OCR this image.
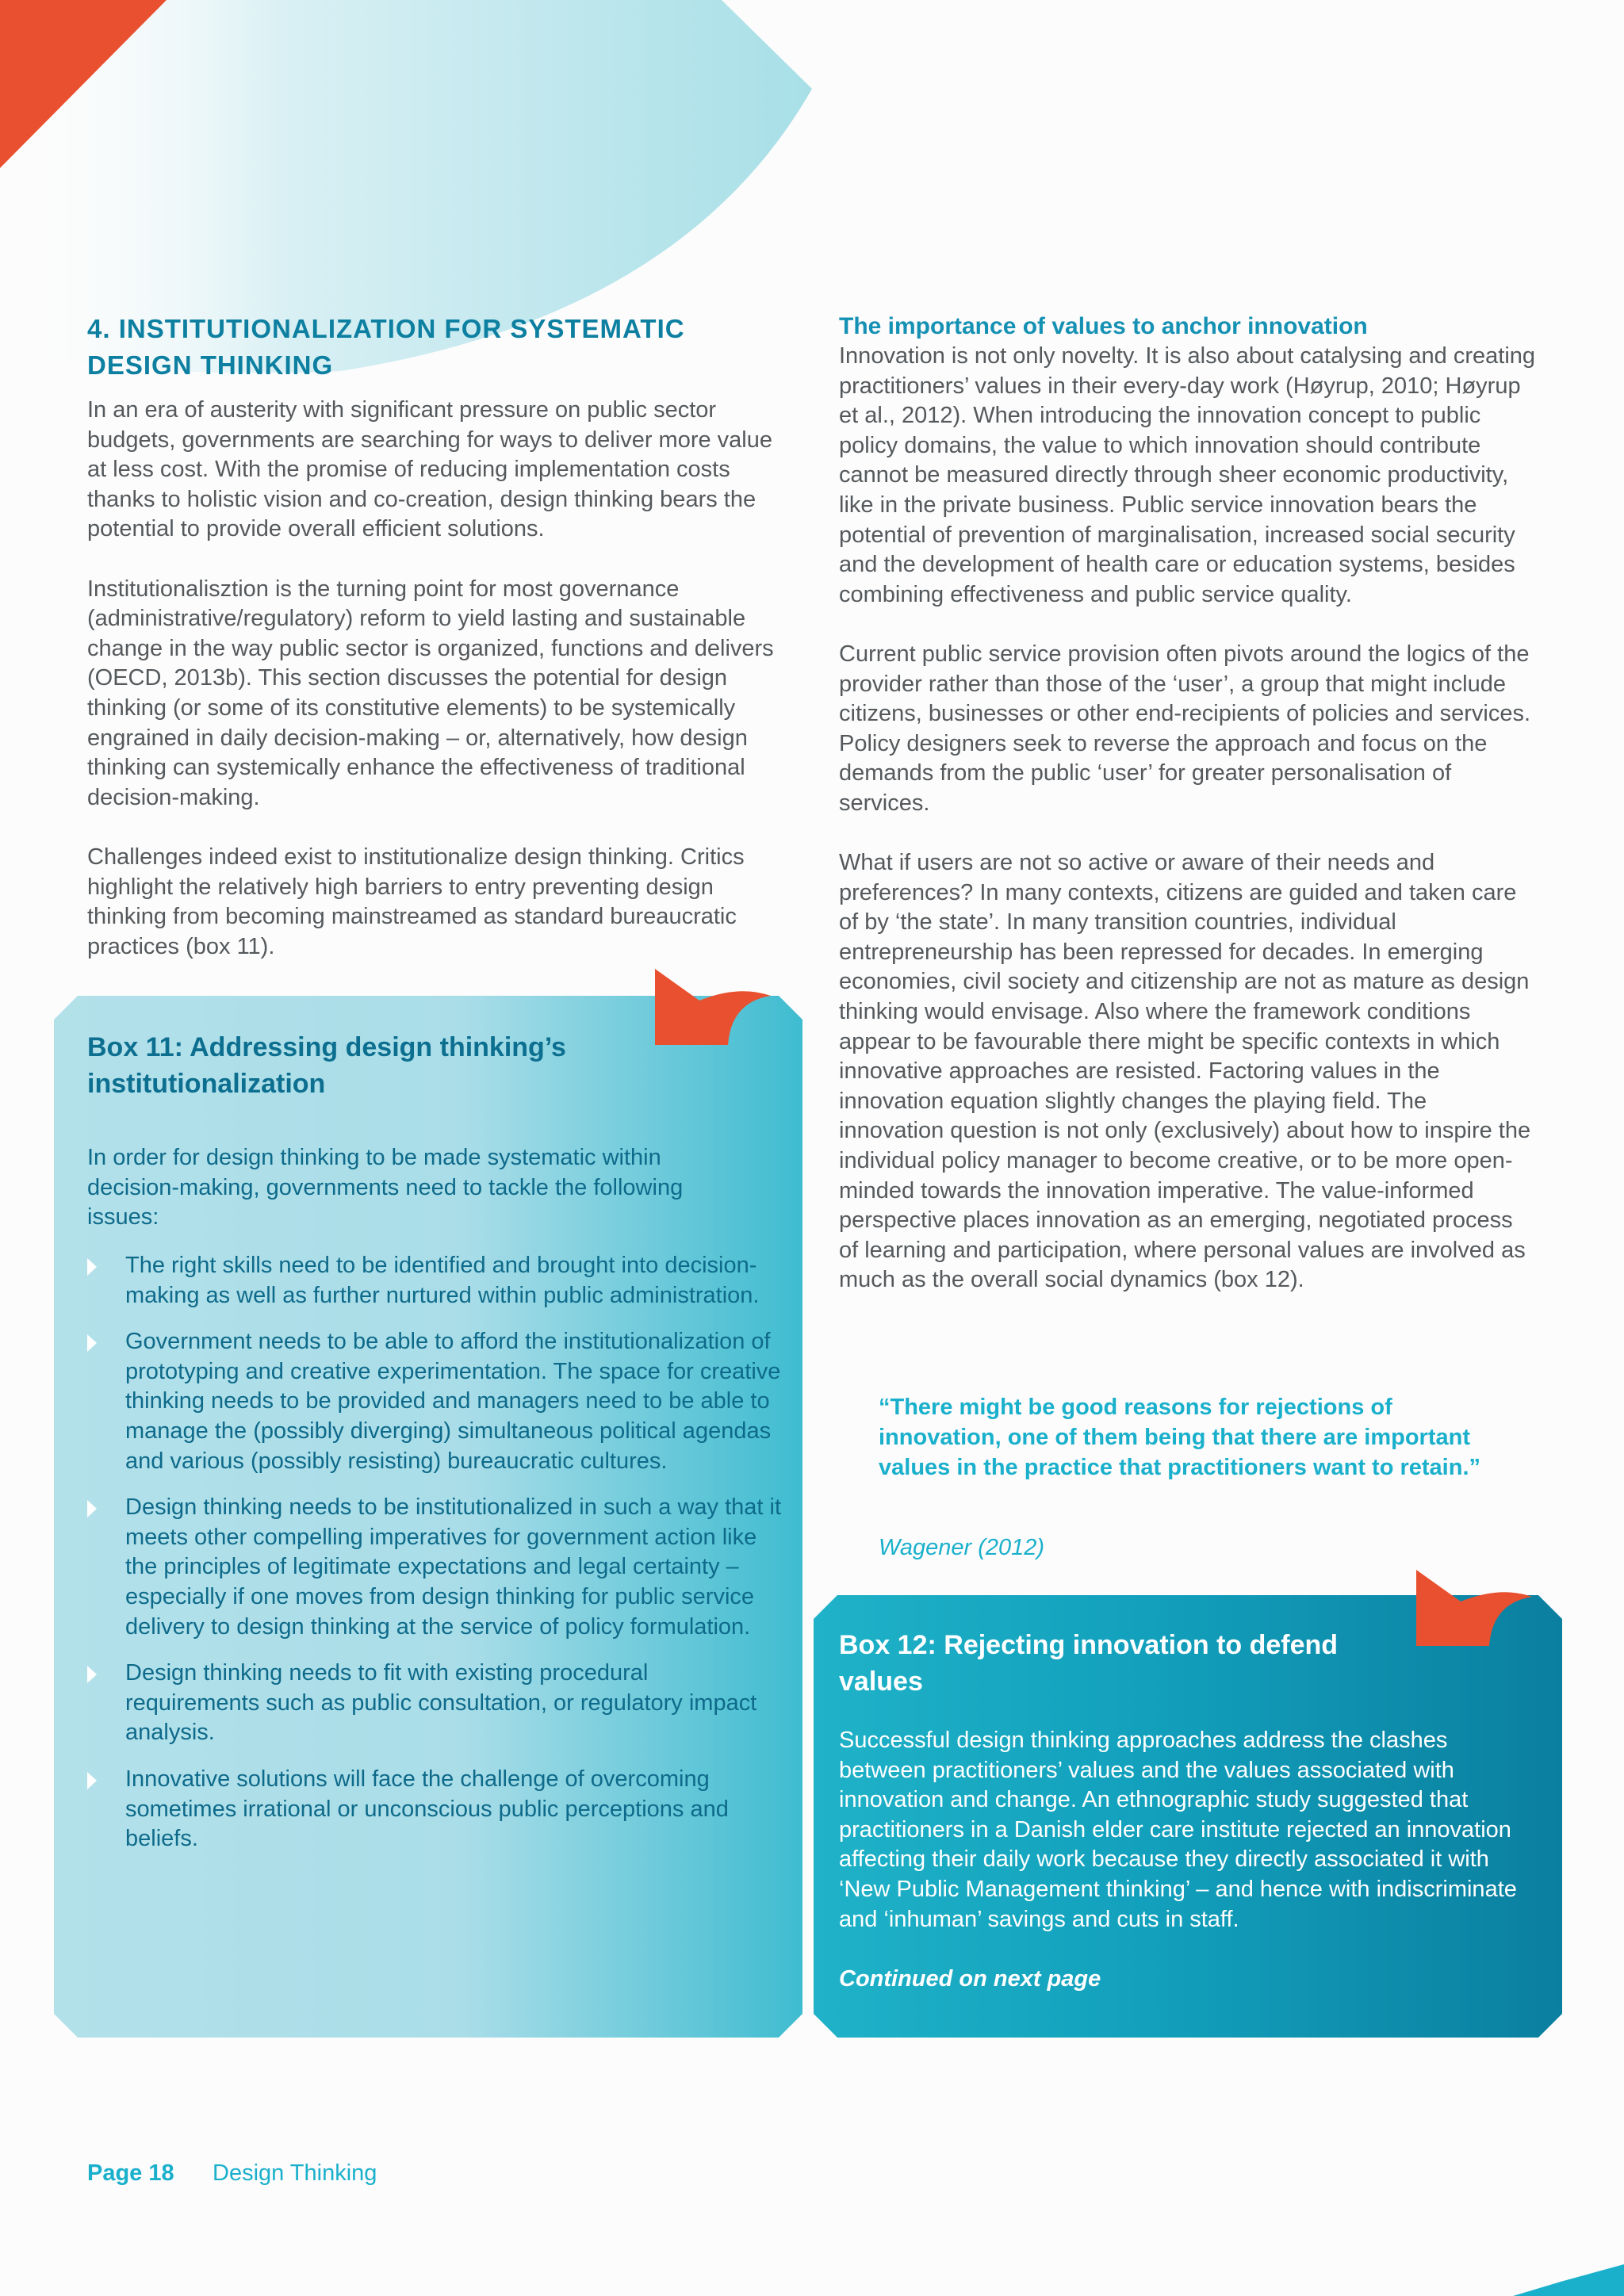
4. INSTITUTIONALIZATION FOR SYSTEMATIC DESIGN THINKING

In an era of austerity with significant pressure on public sector budgets, governments are searching for ways to deliver more value at less cost. With the promise of reducing implementation costs thanks to holistic vision and co-creation, design thinking bears the potential to provide overall efficient solutions.

Institutionalisztion is the turning point for most governance (administrative/regulatory) reform to yield lasting and sustainable change in the way public sector is organized, functions and delivers (OECD, 2013b). This section discusses the potential for design thinking (or some of its constitutive elements) to be systemically engrained in daily decision-making – or, alternatively, how design thinking can systemically enhance the effectiveness of traditional decision-making.

Challenges indeed exist to institutionalize design thinking. Critics highlight the relatively high barriers to entry preventing design thinking from becoming mainstreamed as standard bureaucratic practices (box 11).

Box 11: Addressing design thinking’s institutionalization

In order for design thinking to be made systematic within decision-making, governments need to tackle the following issues:

The right skills need to be identified and brought into decision-making as well as further nurtured within public administration.
Government needs to be able to afford the institutionalization of prototyping and creative experimentation. The space for creative thinking needs to be provided and managers need to be able to manage the (possibly diverging) simultaneous political agendas and various (possibly resisting) bureaucratic cultures.
Design thinking needs to be institutionalized in such a way that it meets other compelling imperatives for government action like the principles of legitimate expectations and legal certainty – especially if one moves from design thinking for public service delivery to design thinking at the service of policy formulation.
Design thinking needs to fit with existing procedural requirements such as public consultation, or regulatory impact analysis.
Innovative solutions will face the challenge of overcoming sometimes irrational or unconscious public perceptions and beliefs.
The importance of values to anchor innovation

Innovation is not only novelty. It is also about catalysing and creating practitioners’ values in their every-day work (Høyrup, 2010; Høyrup et al., 2012). When introducing the innovation concept to public policy domains, the value to which innovation should contribute cannot be measured directly through sheer economic productivity, like in the private business. Public service innovation bears the potential of prevention of marginalisation, increased social security and the development of health care or education systems, besides combining effectiveness and public service quality.

Current public service provision often pivots around the logics of the provider rather than those of the ‘user’, a group that might include citizens, businesses or other end-recipients of policies and services. Policy designers seek to reverse the approach and focus on the demands from the public ‘user’ for greater personalisation of services.

What if users are not so active or aware of their needs and preferences? In many contexts, citizens are guided and taken care of by ‘the state’. In many transition countries, individual entrepreneurship has been repressed for decades. In emerging economies, civil society and citizenship are not as mature as design thinking would envisage. Also where the framework conditions appear to be favourable there might be specific contexts in which innovative approaches are resisted. Factoring values in the innovation equation slightly changes the playing field. The innovation question is not only (exclusively) about how to inspire the individual policy manager to become creative, or to be more open-minded towards the innovation imperative. The value-informed perspective places innovation as an emerging, negotiated process of learning and participation, where personal values are involved as much as the overall social dynamics (box 12).

“There might be good reasons for rejections of innovation, one of them being that there are important values in the practice that practitioners want to retain.”
Wagener (2012)
Box 12: Rejecting innovation to defend values

Successful design thinking approaches address the clashes between practitioners’ values and the values associated with innovation and change. An ethnographic study suggested that practitioners in a Danish elder care institute rejected an innovation affecting their daily work because they directly associated it with ‘New Public Management thinking’ – and hence with indiscriminate and ‘inhuman’ savings and cuts in staff.

Continued on next page
Page 18 Design Thinking
